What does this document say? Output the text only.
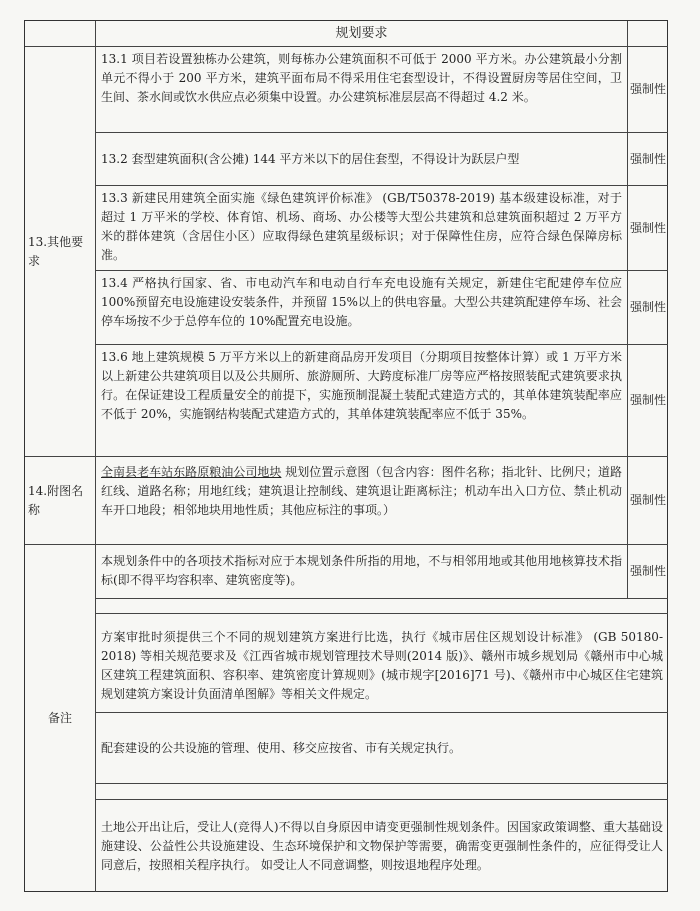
规划要求
13.其他要求
13.1 项目若设置独栋办公建筑，则每栋办公建筑面积不可低于 2000 平方米。办公建筑最小分割单元不得小于 200 平方米，建筑平面布局不得采用住宅套型设计，不得设置厨房等居住空间，卫生间、茶水间或饮水供应点必须集中设置。办公建筑标准层层高不得超过 4.2 米。
强制性
13.2 套型建筑面积(含公摊) 144 平方米以下的居住套型，不得设计为跃层户型	强制性
13.3 新建民用建筑全面实施《绿色建筑评价标准》 (GB/T50378-2019) 基本级建设标准，对于超过 1 万平米的学校、体育馆、机场、商场、办公楼等大型公共建筑和总建筑面积超过 2 万平方米的群体建筑（含居住小区）应取得绿色建筑星级标识；对于保障性住房，应符合绿色保障房标准。
强制性
13.4 严格执行国家、省、市电动汽车和电动自行车充电设施有关规定，新建住宅配建停车位应 100%预留充电设施建设安装条件，并预留 15%以上的供电容量。大型公共建筑配建停车场、社会停车场按不少于总停车位的 10%配置充电设施。
强制性
13.6 地上建筑规模 5 万平方米以上的新建商品房开发项目（分期项目按整体计算）或 1 万平方米以上新建公共建筑项目以及公共厕所、旅游厕所、大跨度标准厂房等应严格按照装配式建筑要求执行。在保证建设工程质量安全的前提下，实施预制混凝土装配式建造方式的，其单体建筑装配率应不低于 20%，实施钢结构装配式建造方式的，其单体建筑装配率应不低于 35%。
强制性
14.附图名称
全南县老车站东路原粮油公司地块 规划位置示意图（包含内容：图件名称；指北针、比例尺；道路红线、道路名称；用地红线；建筑退让控制线、建筑退让距离标注；机动车出入口方位、禁止机动车开口地段；相邻地块用地性质；其他应标注的事项。）
强制性
备注
本规划条件中的各项技术指标对应于本规划条件所指的用地，不与相邻用地或其他用地核算技术指标(即不得平均容积率、建筑密度等)。
强制性
方案审批时须提供三个不同的规划建筑方案进行比选，执行《城市居住区规划设计标准》 (GB 50180-2018) 等相关规范要求及《江西省城市规划管理技术导则(2014 版)》、赣州市城乡规划局《赣州市中心城区建筑工程建筑面积、容积率、建筑密度计算规则》(城市规字[2016]71 号)、《赣州市中心城区住宅建筑规划建筑方案设计负面清单图解》等相关文件规定。
配套建设的公共设施的管理、使用、移交应按省、市有关规定执行。
土地公开出让后，受让人(竞得人)不得以自身原因申请变更强制性规划条件。因国家政策调整、重大基础设施建设、公益性公共设施建设、生态环境保护和文物保护等需要，确需变更强制性条件的，应征得受让人同意后，按照相关程序执行。 如受让人不同意调整，则按退地程序处理。
